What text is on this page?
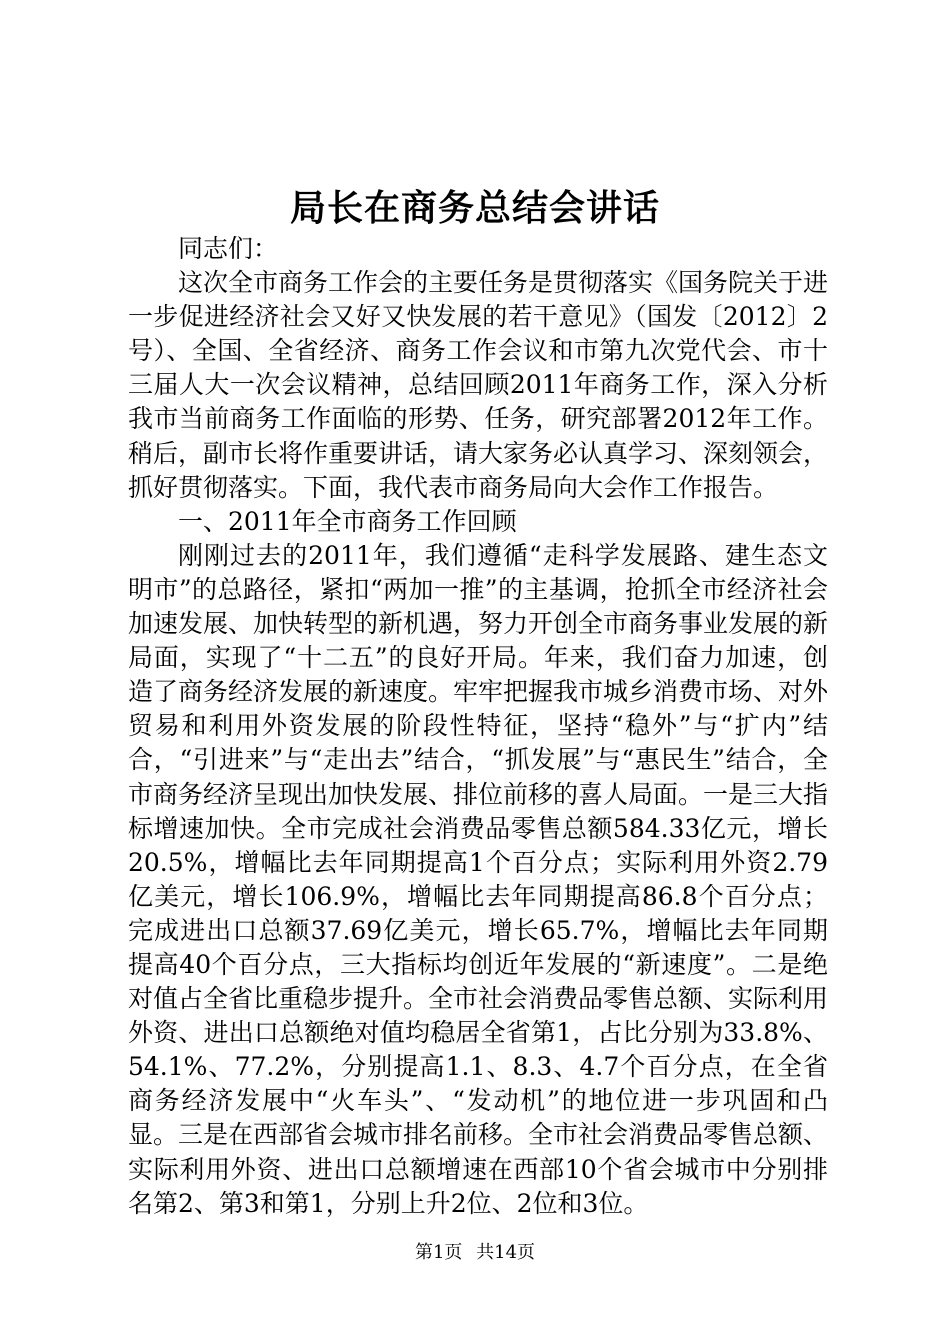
局长在商务总结会讲话

同志们：

这次全市商务工作会的主要任务是贯彻落实《国务院关于进一步促进经济社会又好又快发展的若干意见》（国发〔2012〕2号）、全国、全省经济、商务工作会议和市第九次党代会、市十三届人大一次会议精神，总结回顾2011年商务工作，深入分析我市当前商务工作面临的形势、任务，研究部署2012年工作。稍后，副市长将作重要讲话，请大家务必认真学习、深刻领会，抓好贯彻落实。下面，我代表市商务局向大会作工作报告。

一、2011年全市商务工作回顾

刚刚过去的2011年，我们遵循“走科学发展路、建生态文明市”的总路径，紧扣“两加一推”的主基调，抢抓全市经济社会加速发展、加快转型的新机遇，努力开创全市商务事业发展的新局面，实现了“十二五”的良好开局。年来，我们奋力加速，创造了商务经济发展的新速度。牢牢把握我市城乡消费市场、对外贸易和利用外资发展的阶段性特征，坚持“稳外”与“扩内”结合，“引进来”与“走出去”结合，“抓发展”与“惠民生”结合，全市商务经济呈现出加快发展、排位前移的喜人局面。一是三大指标增速加快。全市完成社会消费品零售总额584.33亿元，增长20.5%，增幅比去年同期提高1个百分点；实际利用外资2.79亿美元，增长106.9%，增幅比去年同期提高86.8个百分点；完成进出口总额37.69亿美元，增长65.7%，增幅比去年同期提高40个百分点，三大指标均创近年发展的“新速度”。二是绝对值占全省比重稳步提升。全市社会消费品零售总额、实际利用外资、进出口总额绝对值均稳居全省第1，占比分别为33.8%、54.1%、77.2%，分别提高1.1、8.3、4.7个百分点，在全省商务经济发展中“火车头”、“发动机”的地位进一步巩固和凸显。三是在西部省会城市排名前移。全市社会消费品零售总额、实际利用外资、进出口总额增速在西部10个省会城市中分别排名第2、第3和第1，分别上升2位、2位和3位。

第1页 共14页
